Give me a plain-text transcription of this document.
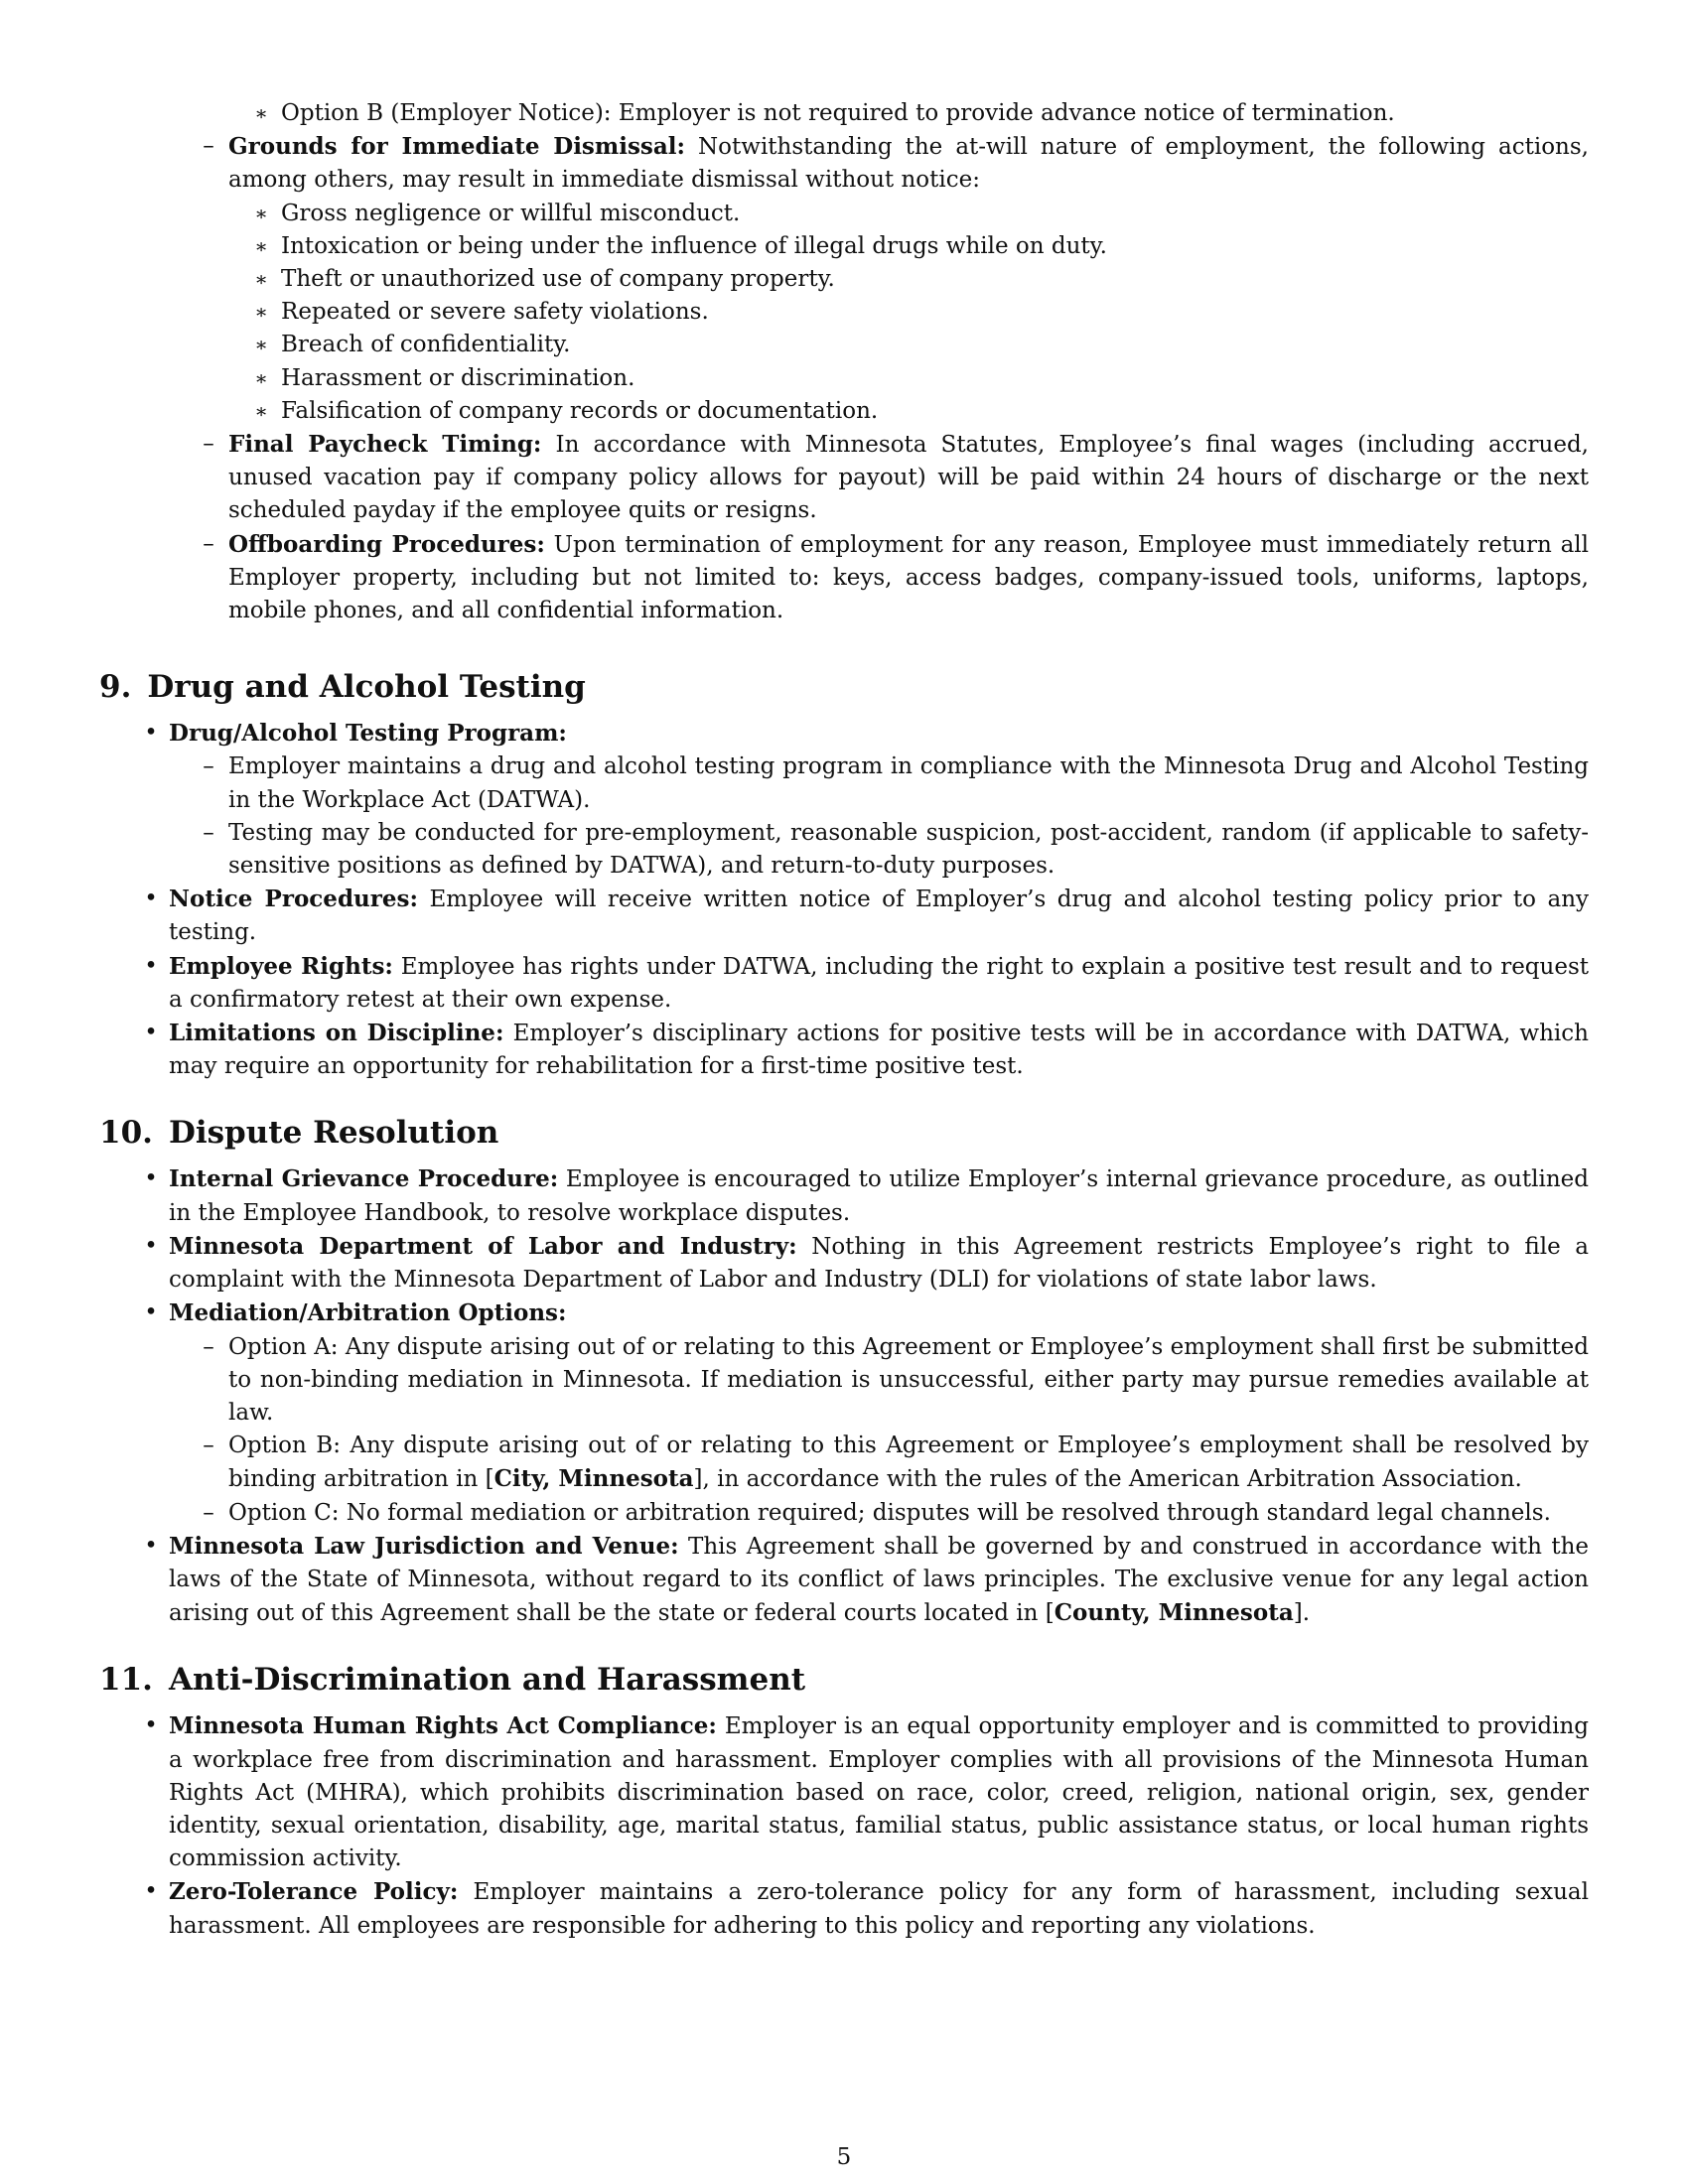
∗ Option B (Employer Notice): Employer is not required to provide advance notice of termination.
– Grounds for Immediate Dismissal: Notwithstanding the at-will nature of employment, the following actions, among others, may result in immediate dismissal without notice:
∗ Gross negligence or willful misconduct.
∗ Intoxication or being under the influence of illegal drugs while on duty.
∗ Theft or unauthorized use of company property.
∗ Repeated or severe safety violations.
∗ Breach of confidentiality.
∗ Harassment or discrimination.
∗ Falsification of company records or documentation.
– Final Paycheck Timing: In accordance with Minnesota Statutes, Employee’s final wages (including accrued, unused vacation pay if company policy allows for payout) will be paid within 24 hours of discharge or the next scheduled payday if the employee quits or resigns.
– Offboarding Procedures: Upon termination of employment for any reason, Employee must immediately return all Employer property, including but not limited to: keys, access badges, company-issued tools, uniforms, laptops, mobile phones, and all confidential information.
9. Drug and Alcohol Testing
• Drug/Alcohol Testing Program:
– Employer maintains a drug and alcohol testing program in compliance with the Minnesota Drug and Alcohol Testing in the Workplace Act (DATWA).
– Testing may be conducted for pre-employment, reasonable suspicion, post-accident, random (if applicable to safety-sensitive positions as defined by DATWA), and return-to-duty purposes.
• Notice Procedures: Employee will receive written notice of Employer’s drug and alcohol testing policy prior to any testing.
• Employee Rights: Employee has rights under DATWA, including the right to explain a positive test result and to request a confirmatory retest at their own expense.
• Limitations on Discipline: Employer’s disciplinary actions for positive tests will be in accordance with DATWA, which may require an opportunity for rehabilitation for a first-time positive test.
10. Dispute Resolution
• Internal Grievance Procedure: Employee is encouraged to utilize Employer’s internal grievance procedure, as outlined in the Employee Handbook, to resolve workplace disputes.
• Minnesota Department of Labor and Industry: Nothing in this Agreement restricts Employee’s right to file a complaint with the Minnesota Department of Labor and Industry (DLI) for violations of state labor laws.
• Mediation/Arbitration Options:
– Option A: Any dispute arising out of or relating to this Agreement or Employee’s employment shall first be submitted to non-binding mediation in Minnesota. If mediation is unsuccessful, either party may pursue remedies available at law.
– Option B: Any dispute arising out of or relating to this Agreement or Employee’s employment shall be resolved by binding arbitration in [City, Minnesota], in accordance with the rules of the American Arbitration Association.
– Option C: No formal mediation or arbitration required; disputes will be resolved through standard legal channels.
• Minnesota Law Jurisdiction and Venue: This Agreement shall be governed by and construed in accordance with the laws of the State of Minnesota, without regard to its conflict of laws principles. The exclusive venue for any legal action arising out of this Agreement shall be the state or federal courts located in [County, Minnesota].
11. Anti-Discrimination and Harassment
• Minnesota Human Rights Act Compliance: Employer is an equal opportunity employer and is committed to providing a workplace free from discrimination and harassment. Employer complies with all provisions of the Minnesota Human Rights Act (MHRA), which prohibits discrimination based on race, color, creed, religion, national origin, sex, gender identity, sexual orientation, disability, age, marital status, familial status, public assistance status, or local human rights commission activity.
• Zero-Tolerance Policy: Employer maintains a zero-tolerance policy for any form of harassment, including sexual harassment. All employees are responsible for adhering to this policy and reporting any violations.
5
